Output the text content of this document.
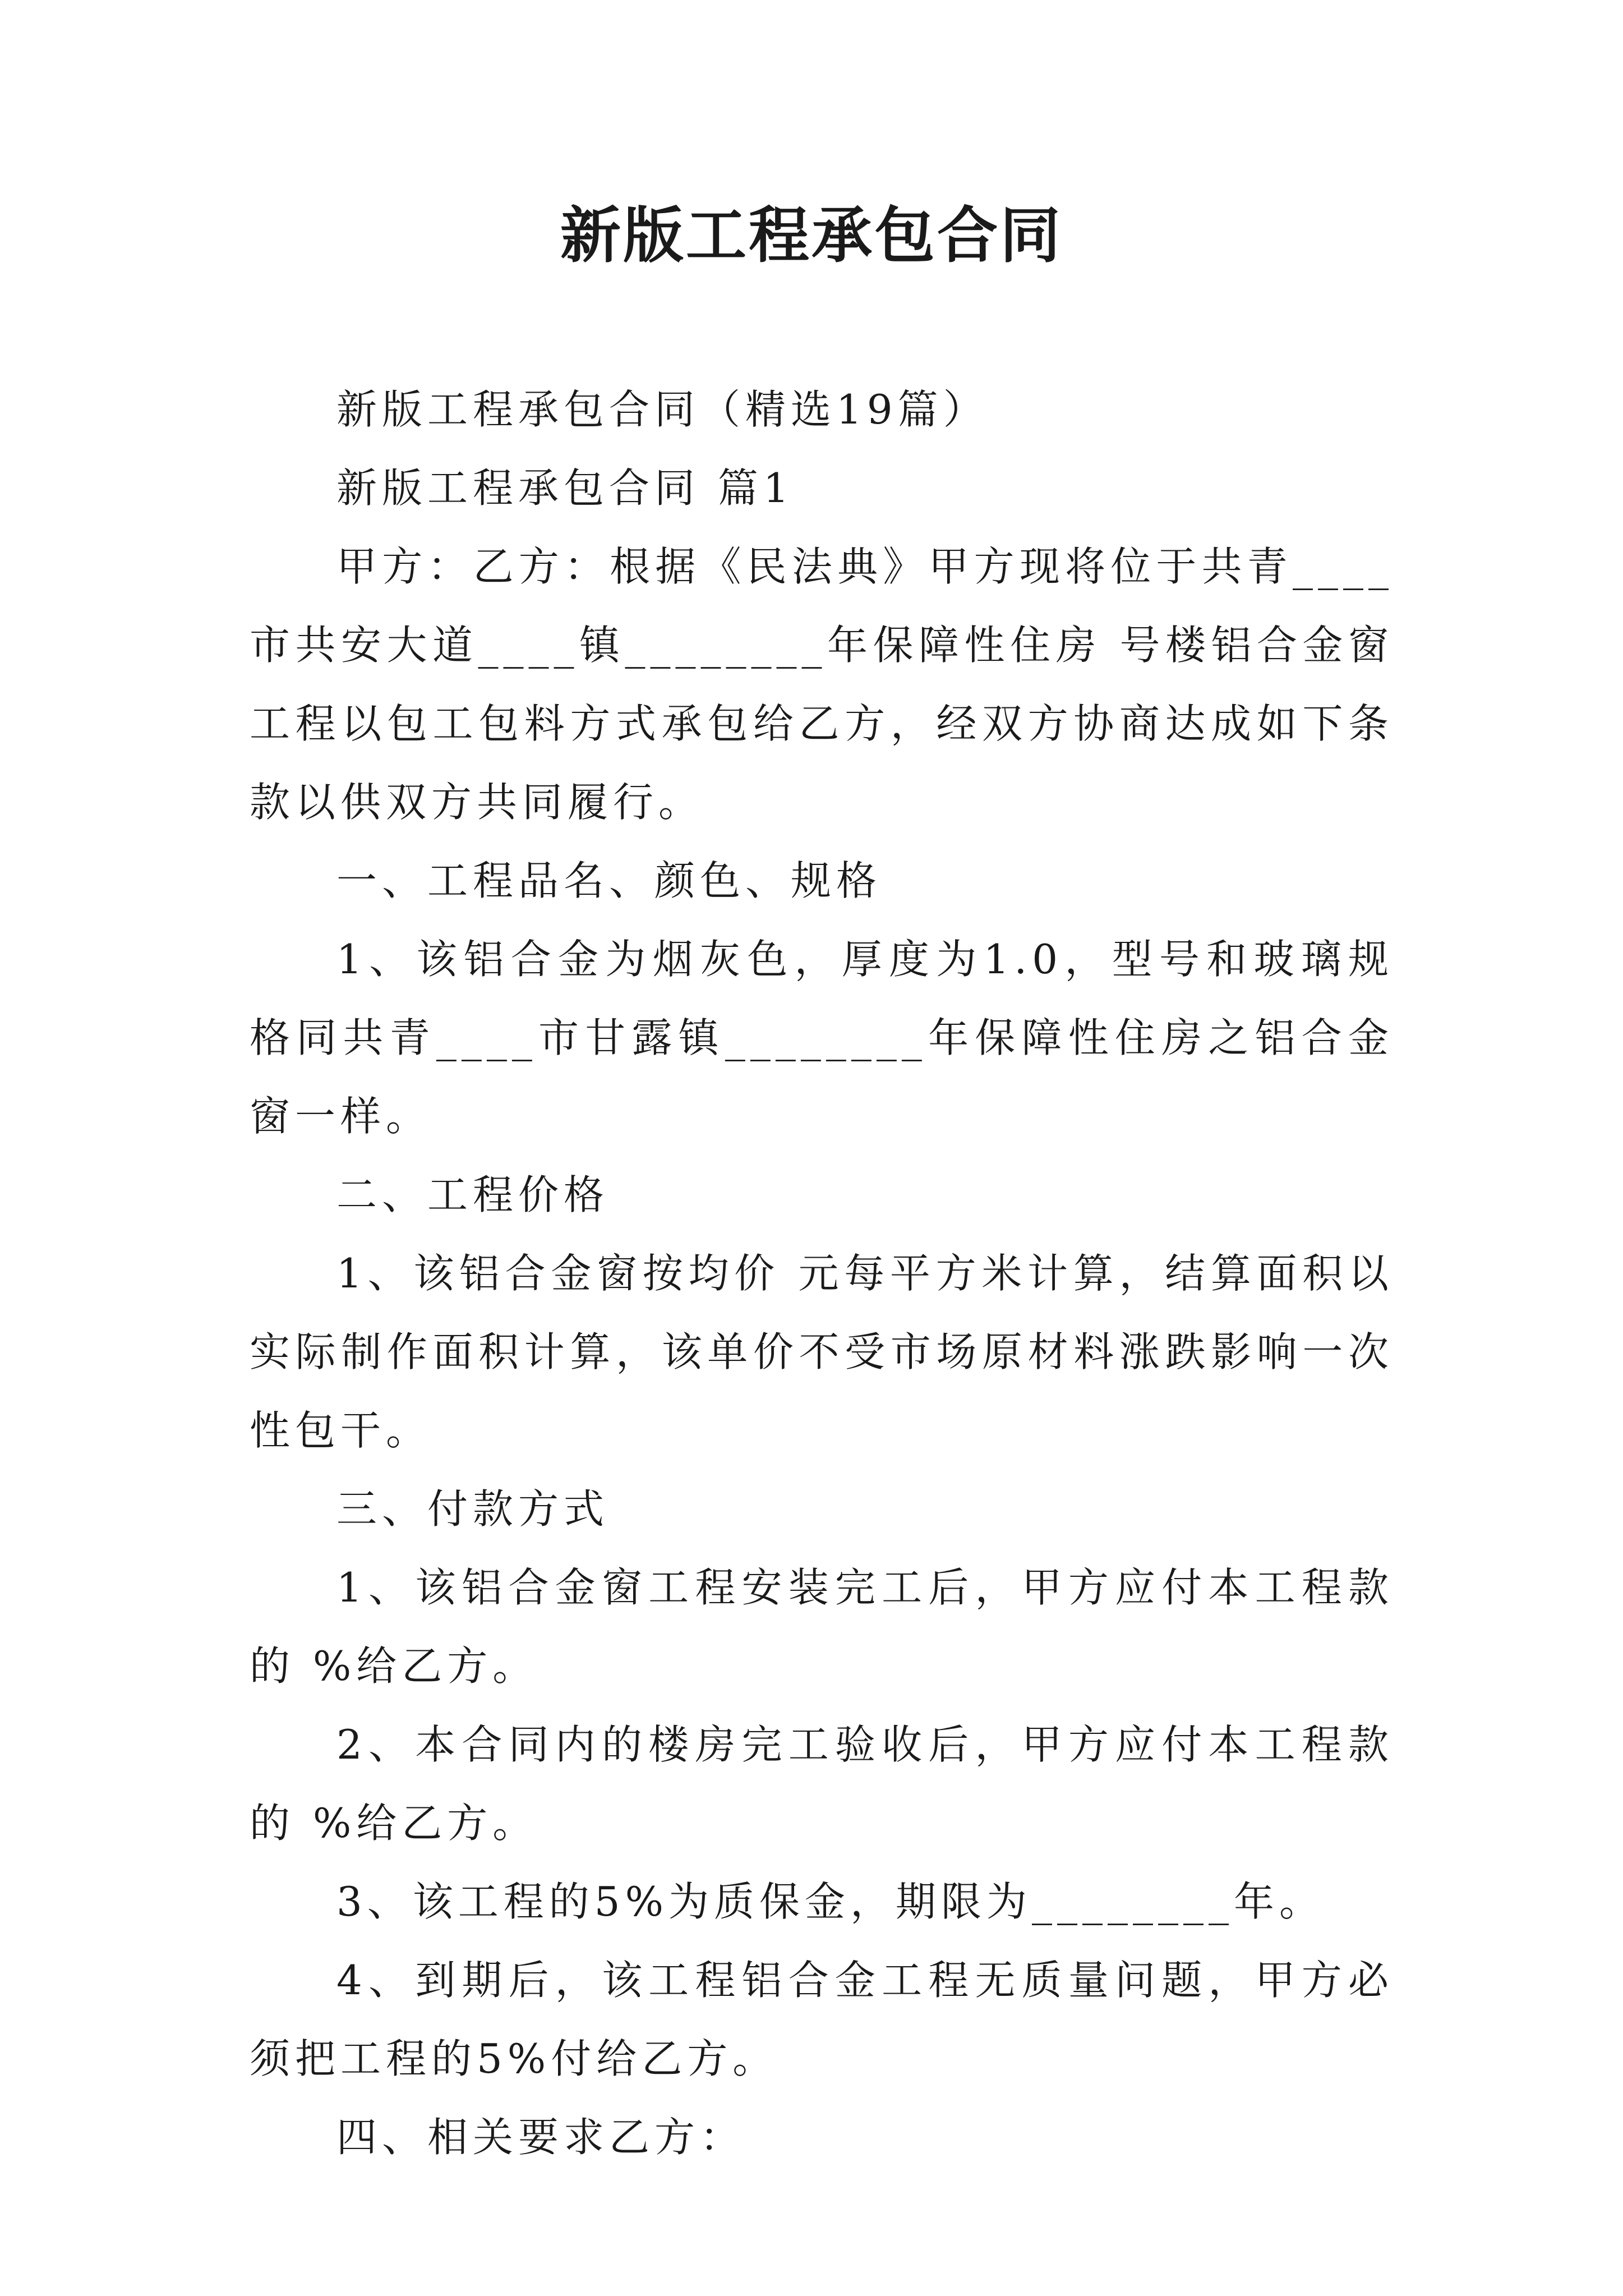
新版工程承包合同

新版工程承包合同（精选19篇）

新版工程承包合同 篇1

甲方：乙方：根据《民法典》甲方现将位于共青____市共安大道____镇________年保障性住房 号楼铝合金窗工程以包工包料方式承包给乙方，经双方协商达成如下条款以供双方共同履行。

一、工程品名、颜色、规格

1、该铝合金为烟灰色，厚度为1.0，型号和玻璃规格同共青____市甘露镇________年保障性住房之铝合金窗一样。

二、工程价格

1、该铝合金窗按均价 元每平方米计算，结算面积以实际制作面积计算，该单价不受市场原材料涨跌影响一次性包干。

三、付款方式

1、该铝合金窗工程安装完工后，甲方应付本工程款的 %给乙方。

2、本合同内的楼房完工验收后，甲方应付本工程款的 %给乙方。

3、该工程的5%为质保金，期限为________年。

4、到期后，该工程铝合金工程无质量问题，甲方必须把工程的5%付给乙方。

四、相关要求乙方：
